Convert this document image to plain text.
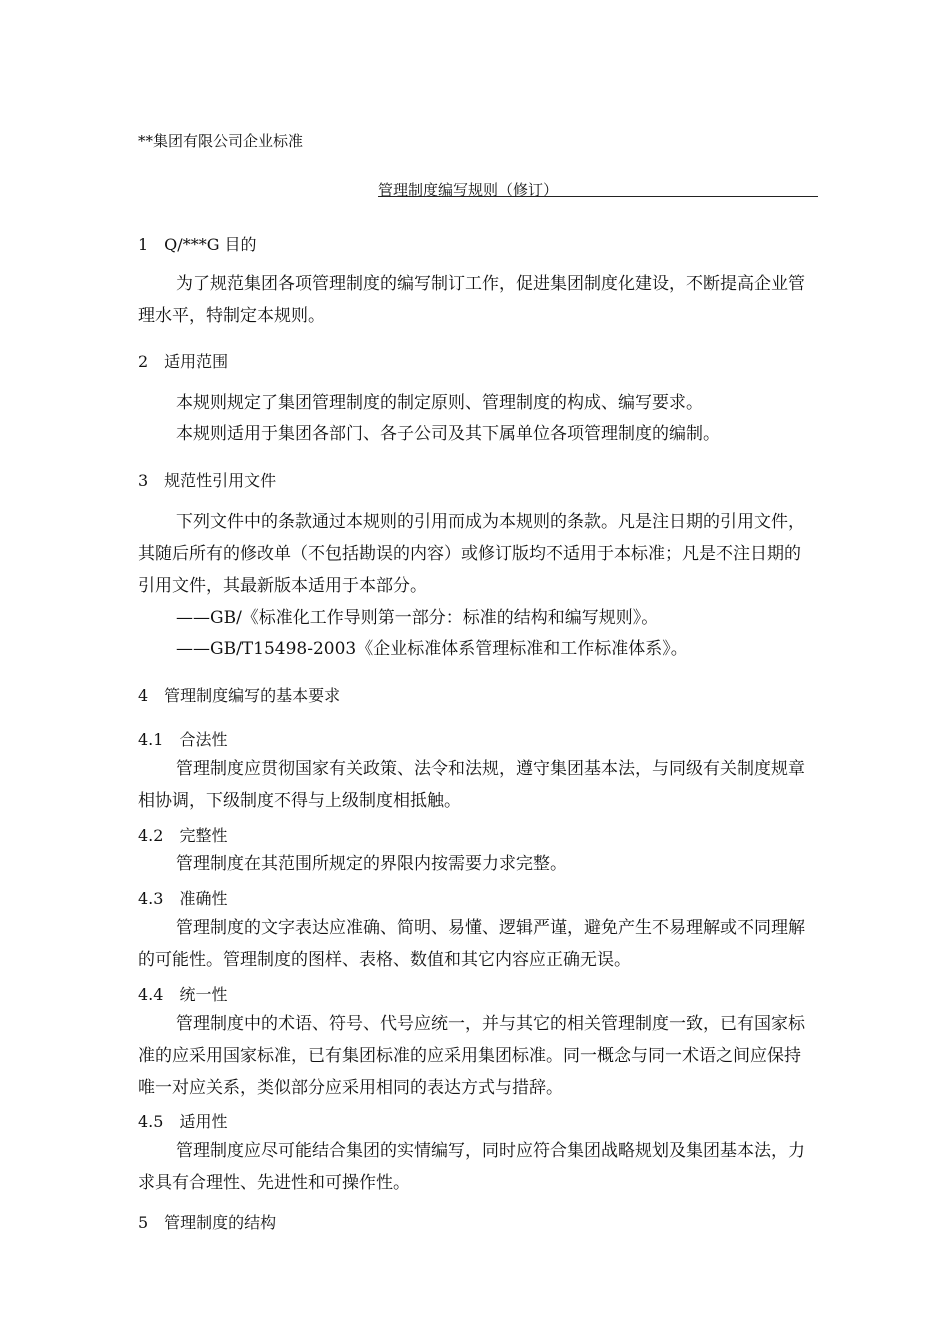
**集团有限公司企业标准
管理制度编写规则（修订）
1　Q/***G 目的
为了规范集团各项管理制度的编写制订工作，促进集团制度化建设，不断提高企业管理水平，特制定本规则。
2　适用范围
本规则规定了集团管理制度的制定原则、管理制度的构成、编写要求。
本规则适用于集团各部门、各子公司及其下属单位各项管理制度的编制。
3　规范性引用文件
下列文件中的条款通过本规则的引用而成为本规则的条款。凡是注日期的引用文件，其随后所有的修改单（不包括勘误的内容）或修订版均不适用于本标准；凡是不注日期的引用文件，其最新版本适用于本部分。
——GB/《标准化工作导则第一部分：标准的结构和编写规则》。
——GB/T15498-2003《企业标准体系管理标准和工作标准体系》。
4　管理制度编写的基本要求
4.1　合法性
管理制度应贯彻国家有关政策、法令和法规，遵守集团基本法，与同级有关制度规章相协调，下级制度不得与上级制度相抵触。
4.2　完整性
管理制度在其范围所规定的界限内按需要力求完整。
4.3　准确性
管理制度的文字表达应准确、简明、易懂、逻辑严谨，避免产生不易理解或不同理解的可能性。管理制度的图样、表格、数值和其它内容应正确无误。
4.4　统一性
管理制度中的术语、符号、代号应统一，并与其它的相关管理制度一致，已有国家标准的应采用国家标准，已有集团标准的应采用集团标准。同一概念与同一术语之间应保持唯一对应关系，类似部分应采用相同的表达方式与措辞。
4.5　适用性
管理制度应尽可能结合集团的实情编写，同时应符合集团战略规划及集团基本法，力求具有合理性、先进性和可操作性。
5　管理制度的结构
